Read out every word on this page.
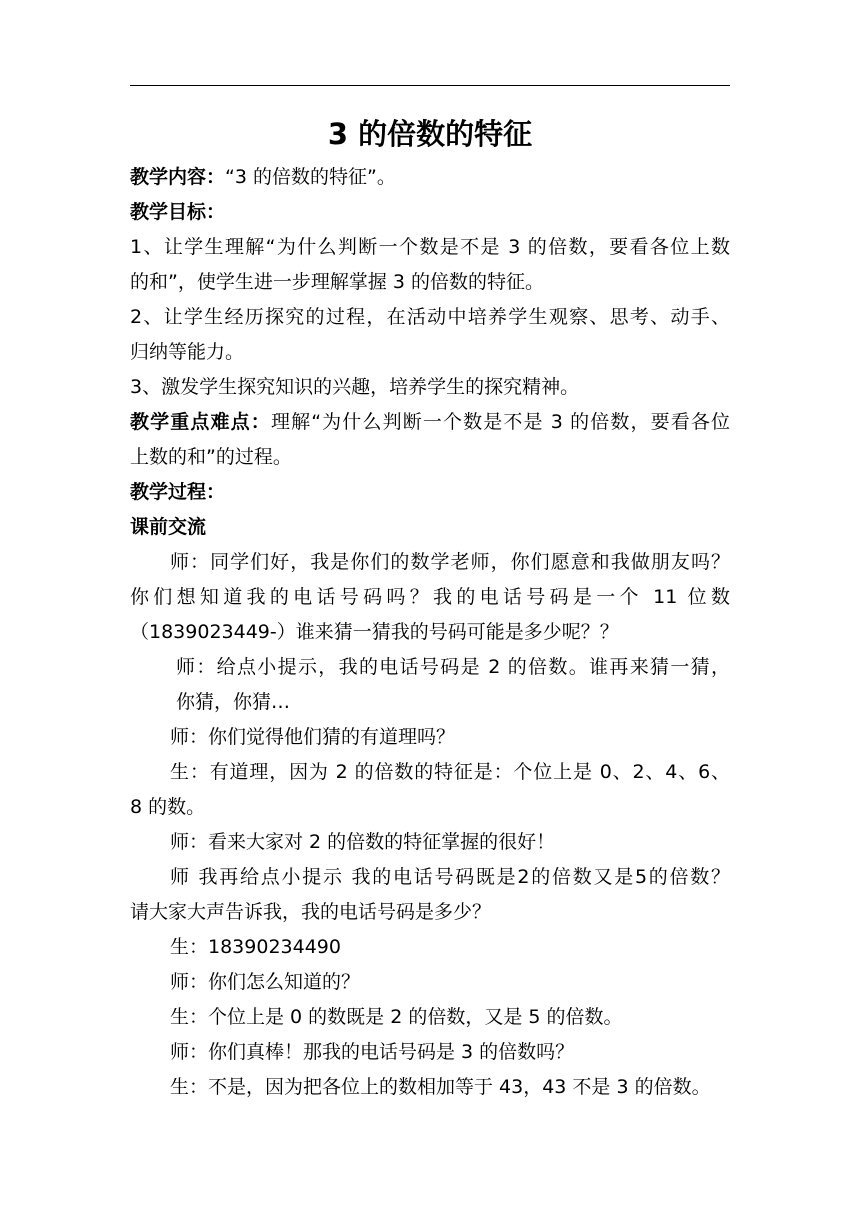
3 的倍数的特征

教学内容：“3 的倍数的特征”。

教学目标：

1、让学生理解“为什么判断一个数是不是 3 的倍数，要看各位上数

的和”，使学生进一步理解掌握 3 的倍数的特征。

2、让学生经历探究的过程，在活动中培养学生观察、思考、动手、

归纳等能力。

3、激发学生探究知识的兴趣，培养学生的探究精神。

教学重点难点：理解“为什么判断一个数是不是 3 的倍数，要看各位

上数的和”的过程。

教学过程：

课前交流

师：同学们好，我是你们的数学老师，你们愿意和我做朋友吗？

你们想知道我的电话号码吗？我的电话号码是一个 11 位数

（1839023449-）谁来猜一猜我的号码可能是多少呢？？

师：给点小提示，我的电话号码是 2 的倍数。谁再来猜一猜，

你猜，你猜…

师：你们觉得他们猜的有道理吗？

生：有道理，因为 2 的倍数的特征是：个位上是 0、2、4、6、

8 的数。

师：看来大家对 2 的倍数的特征掌握的很好！

师 我再给点小提示 我的电话号码既是2的倍数又是5的倍数？

请大家大声告诉我，我的电话号码是多少？

生：18390234490

师：你们怎么知道的？

生：个位上是 0 的数既是 2 的倍数，又是 5 的倍数。

师：你们真棒！那我的电话号码是 3 的倍数吗？

生：不是，因为把各位上的数相加等于 43，43 不是 3 的倍数。
